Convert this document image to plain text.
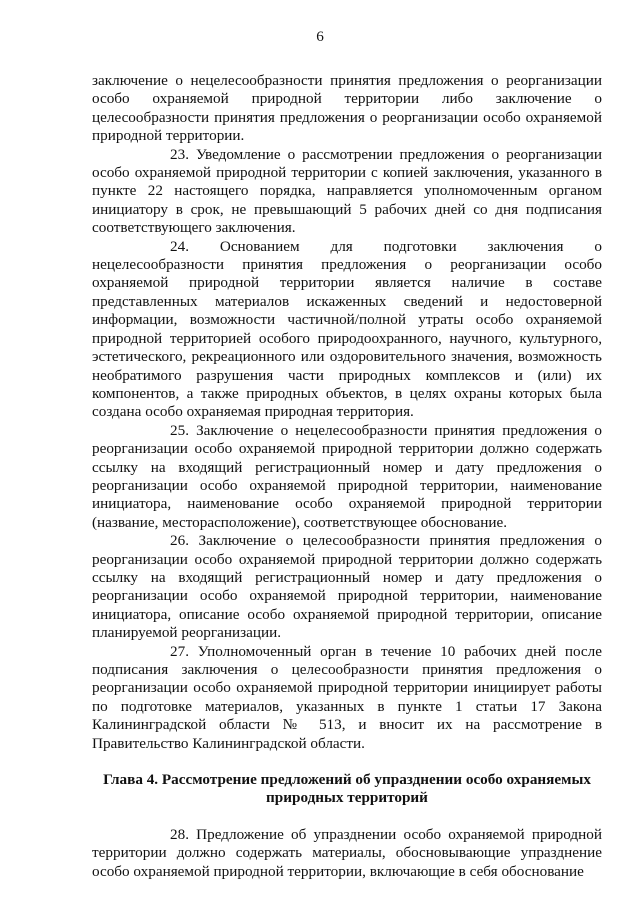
6

заключение о нецелесообразности принятия предложения о реорганизации особо охраняемой природной территории либо заключение о целесообразности принятия предложения о реорганизации особо охраняемой природной территории.

23. Уведомление о рассмотрении предложения о реорганизации особо охраняемой природной территории с копией заключения, указанного в пункте 22 настоящего порядка, направляется уполномоченным органом инициатору в срок, не превышающий 5 рабочих дней со дня подписания соответствующего заключения.

24. Основанием для подготовки заключения о нецелесообразности принятия предложения о реорганизации особо охраняемой природной территории является наличие в составе представленных материалов искаженных сведений и недостоверной информации, возможности частичной/полной утраты особо охраняемой природной территорией особого природоохранного, научного, культурного, эстетического, рекреационного или оздоровительного значения, возможность необратимого разрушения части природных комплексов и (или) их компонентов, а также природных объектов, в целях охраны которых была создана особо охраняемая природная территория.

25. Заключение о нецелесообразности принятия предложения о реорганизации особо охраняемой природной территории должно содержать ссылку на входящий регистрационный номер и дату предложения о реорганизации особо охраняемой природной территории, наименование инициатора, наименование особо охраняемой природной территории (название, месторасположение), соответствующее обоснование.

26. Заключение о целесообразности принятия предложения о реорганизации особо охраняемой природной территории должно содержать ссылку на входящий регистрационный номер и дату предложения о реорганизации особо охраняемой природной территории, наименование инициатора, описание особо охраняемой природной территории, описание планируемой реорганизации.

27. Уполномоченный орган в течение 10 рабочих дней после подписания заключения о целесообразности принятия предложения о реорганизации особо охраняемой природной территории инициирует работы по подготовке материалов, указанных в пункте 1 статьи 17 Закона Калининградской области № 513, и вносит их на рассмотрение в Правительство Калининградской области.

Глава 4. Рассмотрение предложений об упразднении особо охраняемых природных территорий

28. Предложение об упразднении особо охраняемой природной территории должно содержать материалы, обосновывающие упразднение особо охраняемой природной территории, включающие в себя обоснование
